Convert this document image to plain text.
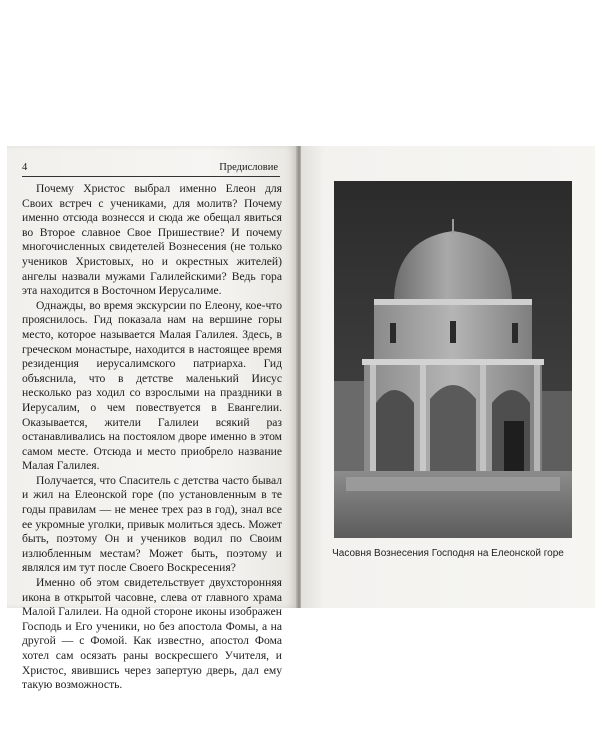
4	Предисловие

Почему Христос выбрал именно Елеон для Своих встреч с учениками, для молитв? Почему именно отсюда вознесся и сюда же обещал явиться во Второе славное Свое Пришествие? И почему многочисленных свидетелей Вознесения (не только учеников Христовых, но и окрестных жителей) ангелы назвали мужами Галилейскими? Ведь гора эта находится в Восточном Иерусалиме.

Однажды, во время экскурсии по Елеону, кое-что прояснилось. Гид показала нам на вершине горы место, которое называется Малая Галилея. Здесь, в греческом монастыре, находится в настоящее время резиденция иерусалимского патриарха. Гид объяснила, что в детстве маленький Иисус несколько раз ходил со взрослыми на праздники в Иерусалим, о чем повествуется в Евангелии. Оказывается, жители Галилеи всякий раз останавливались на постоялом дворе именно в этом самом месте. Отсюда и место приобрело название Малая Галилея.

Получается, что Спаситель с детства часто бывал и жил на Елеонской горе (по установленным в те годы правилам — не менее трех раз в год), знал все ее укромные уголки, привык молиться здесь. Может быть, поэтому Он и учеников водил по Своим излюбленным местам? Может быть, поэтому и являлся им тут после Своего Воскресения?

Именно об этом свидетельствует двухсторонняя икона в открытой часовне, слева от главного храма Малой Галилеи. На одной стороне иконы изображен Господь и Его ученики, но без апостола Фомы, а на другой — с Фомой. Как известно, апостол Фома хотел сам осязать раны воскресшего Учителя, и Христос, явившись через запертую дверь, дал ему такую возможность.

Часовня Вознесения Господня на Елеонской горе
